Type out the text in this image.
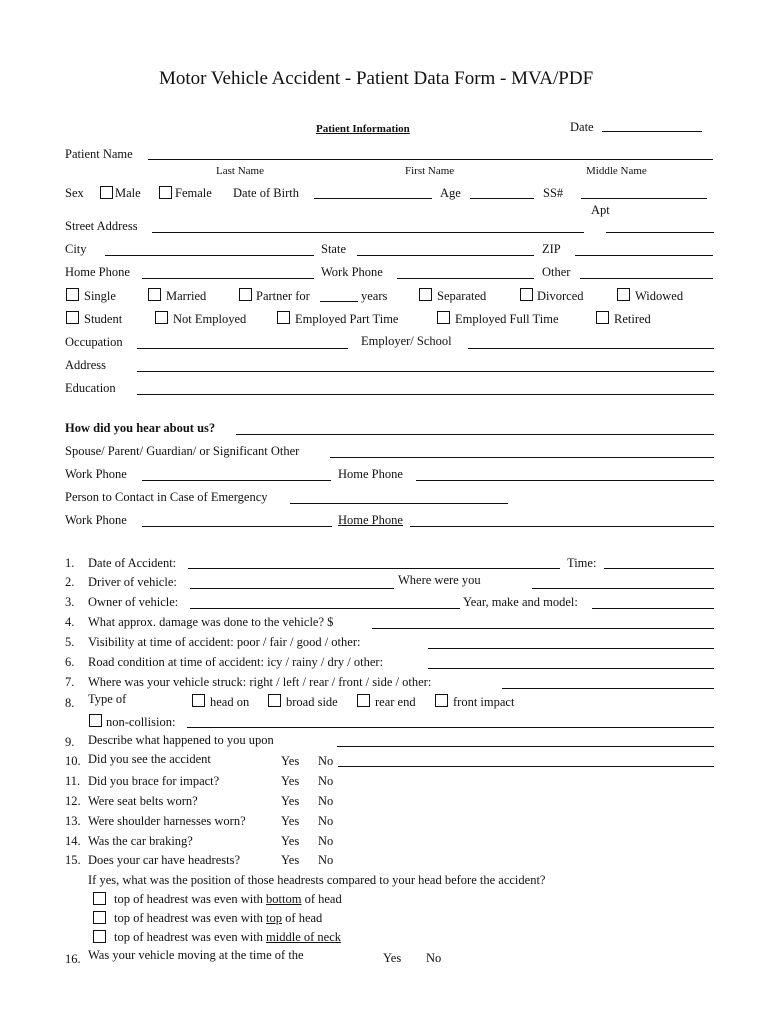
Motor Vehicle Accident - Patient Data Form - MVA/PDF
Patient Information	Date
Patient Name
Last Name	First Name	Middle Name
Sex	Male	Female Date of Birth	Age	SS#
Apt
Street Address
City	State	ZIP
Home Phone	Work Phone	Other
Single	Married	Partner for	years	Separated	Divorced	Widowed
Student	Not Employed	Employed Part Time	Employed Full Time	Retired
Occupation	Employer/ School
Address
Education
How did you hear about us?
Spouse/ Parent/ Guardian/ or Significant Other
Work Phone	Home Phone
Person to Contact in Case of Emergency
Work Phone	Home Phone
1. Date of Accident:	Time:
2. Driver of vehicle:	Where were you
3. Owner of vehicle:	Year, make and model:
4. What approx. damage was done to the vehicle? $
5. Visibility at time of accident: poor / fair / good / other:
6. Road condition at time of accident: icy / rainy / dry / other:
7. Where was your vehicle struck: right / left / rear / front / side / other:
8. Type of	head on	broad side	rear end	front impact
non-collision:
9. Describe what happened to you upon
10. Did you see the accident	Yes No
11. Did you brace for impact?	Yes No
12. Were seat belts worn?	Yes No
13. Were shoulder harnesses worn?	Yes No
14. Was the car braking?	Yes No
15. Does your car have headrests?	Yes No
If yes, what was the position of those headrests compared to your head before the accident?
top of headrest was even with bottom of head
top of headrest was even with top of head
top of headrest was even with middle of neck
16. Was your vehicle moving at the time of the	Yes No
